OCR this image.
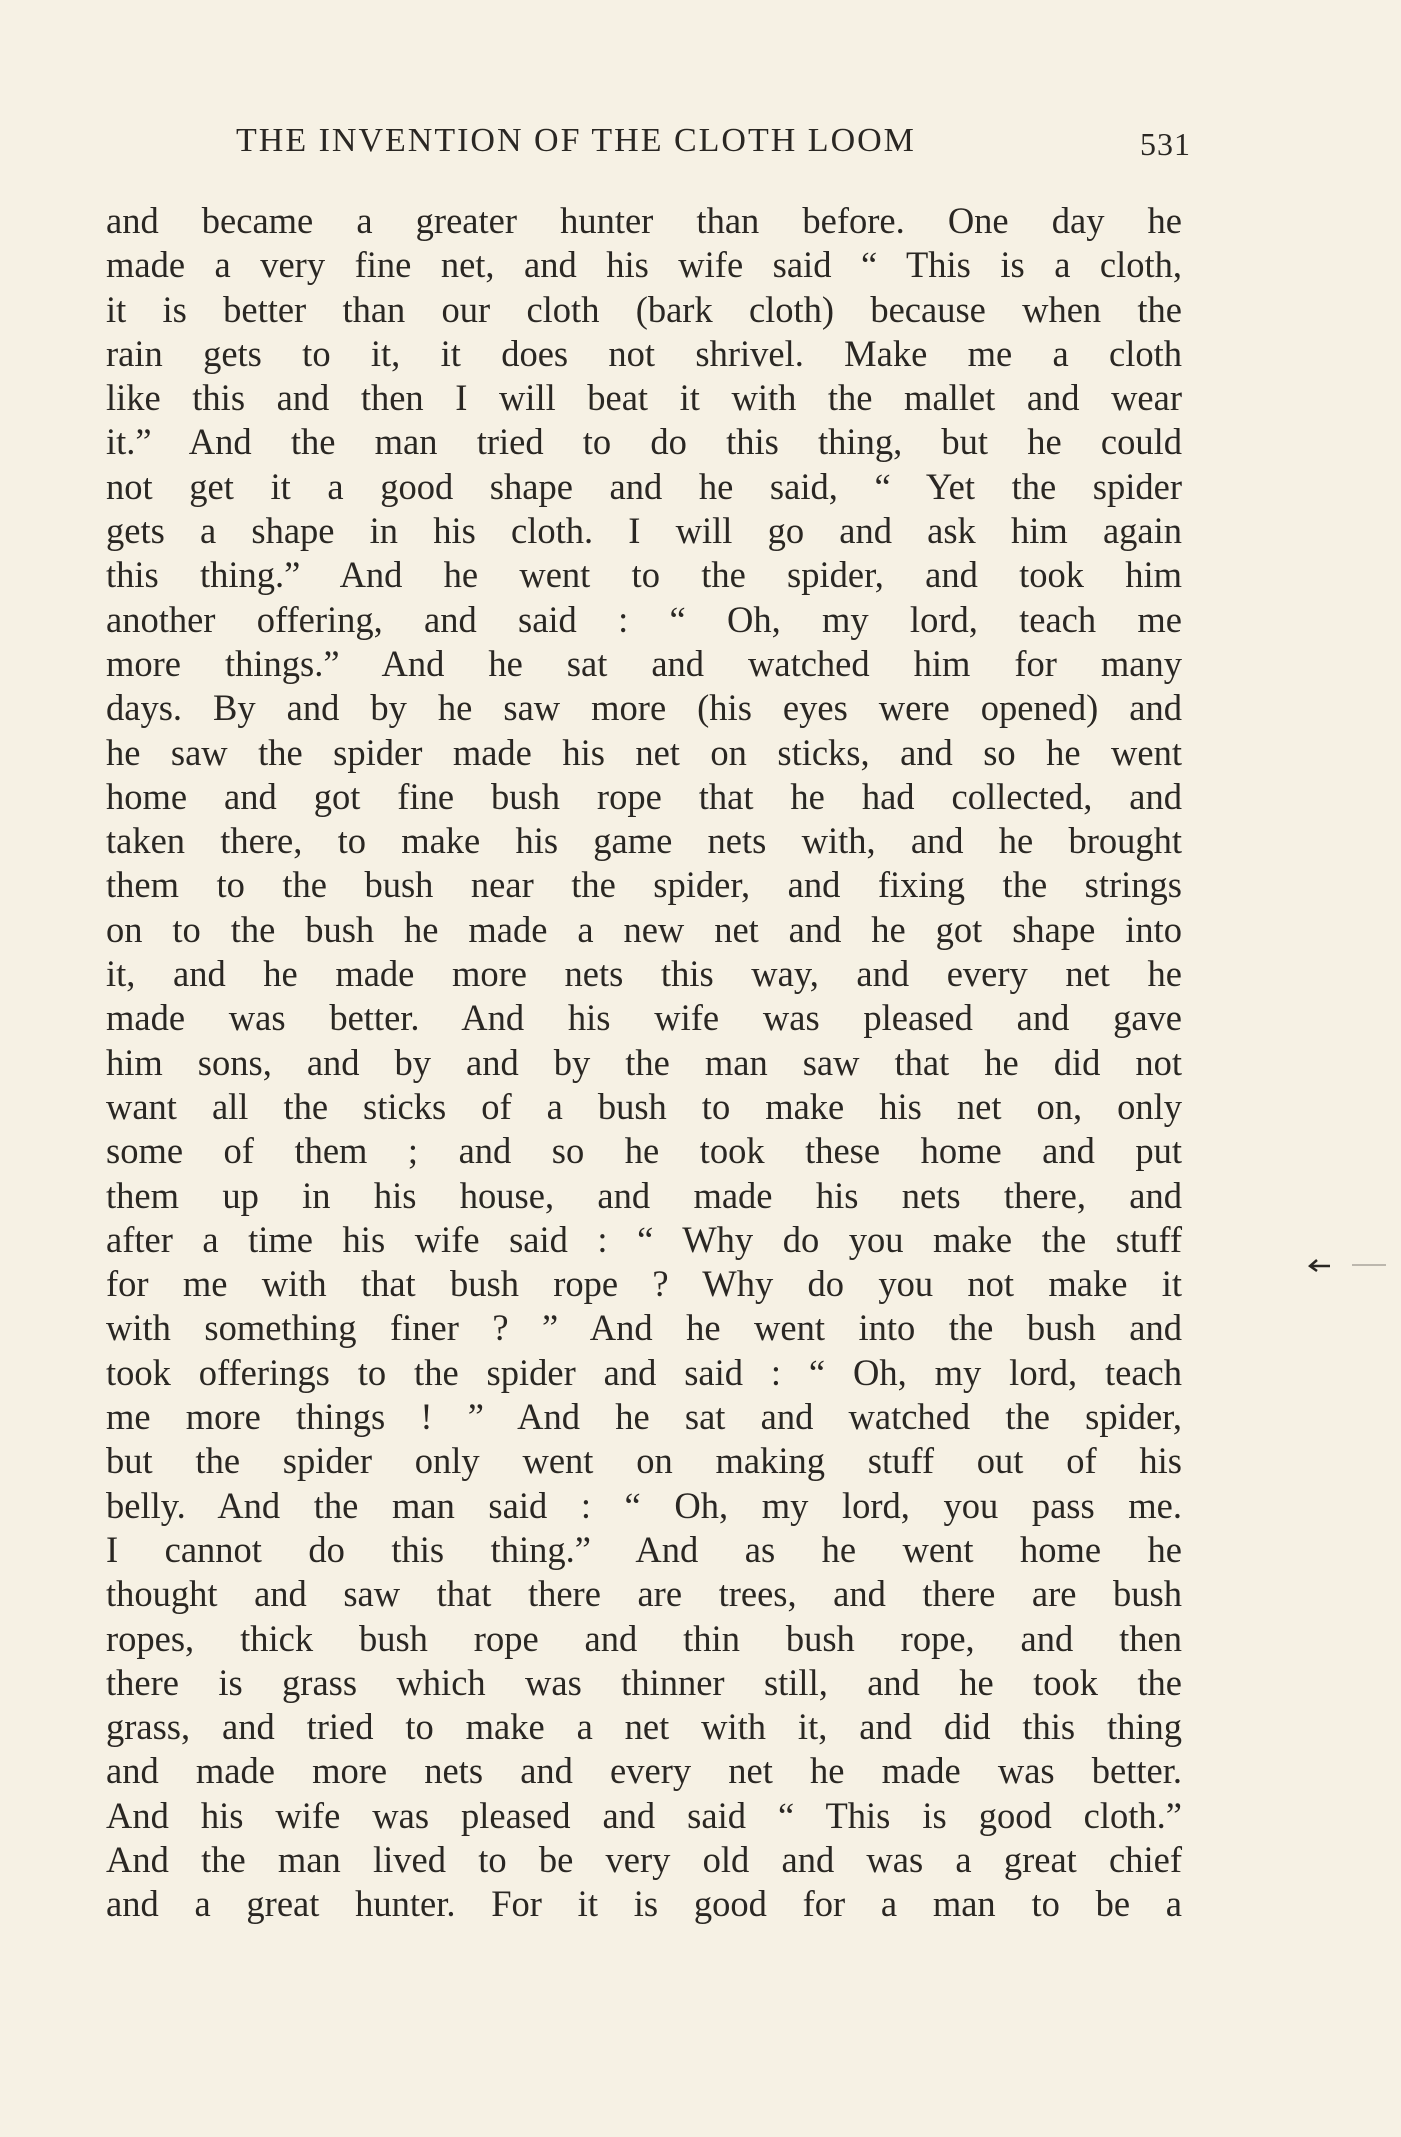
THE INVENTION OF THE CLOTH LOOM	531
and became a greater hunter than before. One day he
made a very fine net, and his wife said “ This is a cloth,
it is better than our cloth (bark cloth) because when the
rain gets to it, it does not shrivel. Make me a cloth
like this and then I will beat it with the mallet and wear
it.” And the man tried to do this thing, but he could
not get it a good shape and he said, “ Yet the spider
gets a shape in his cloth. I will go and ask him again
this thing.” And he went to the spider, and took him
another offering, and said : “ Oh, my lord, teach me
more things.” And he sat and watched him for many
days. By and by he saw more (his eyes were opened) and
he saw the spider made his net on sticks, and so he went
home and got fine bush rope that he had collected, and
taken there, to make his game nets with, and he brought
them to the bush near the spider, and fixing the strings
on to the bush he made a new net and he got shape into
it, and he made more nets this way, and every net he
made was better. And his wife was pleased and gave
him sons, and by and by the man saw that he did not
want all the sticks of a bush to make his net on, only
some of them ; and so he took these home and put
them up in his house, and made his nets there, and
after a time his wife said : “ Why do you make the stuff
for me with that bush rope ? Why do you not make it
with something finer ? ” And he went into the bush and
took offerings to the spider and said : “ Oh, my lord, teach
me more things ! ” And he sat and watched the spider,
but the spider only went on making stuff out of his
belly. And the man said : “ Oh, my lord, you pass me.
I cannot do this thing.” And as he went home he
thought and saw that there are trees, and there are bush
ropes, thick bush rope and thin bush rope, and then
there is grass which was thinner still, and he took the
grass, and tried to make a net with it, and did this thing
and made more nets and every net he made was better.
And his wife was pleased and said “ This is good cloth.”
And the man lived to be very old and was a great chief
and a great hunter. For it is good for a man to be a
